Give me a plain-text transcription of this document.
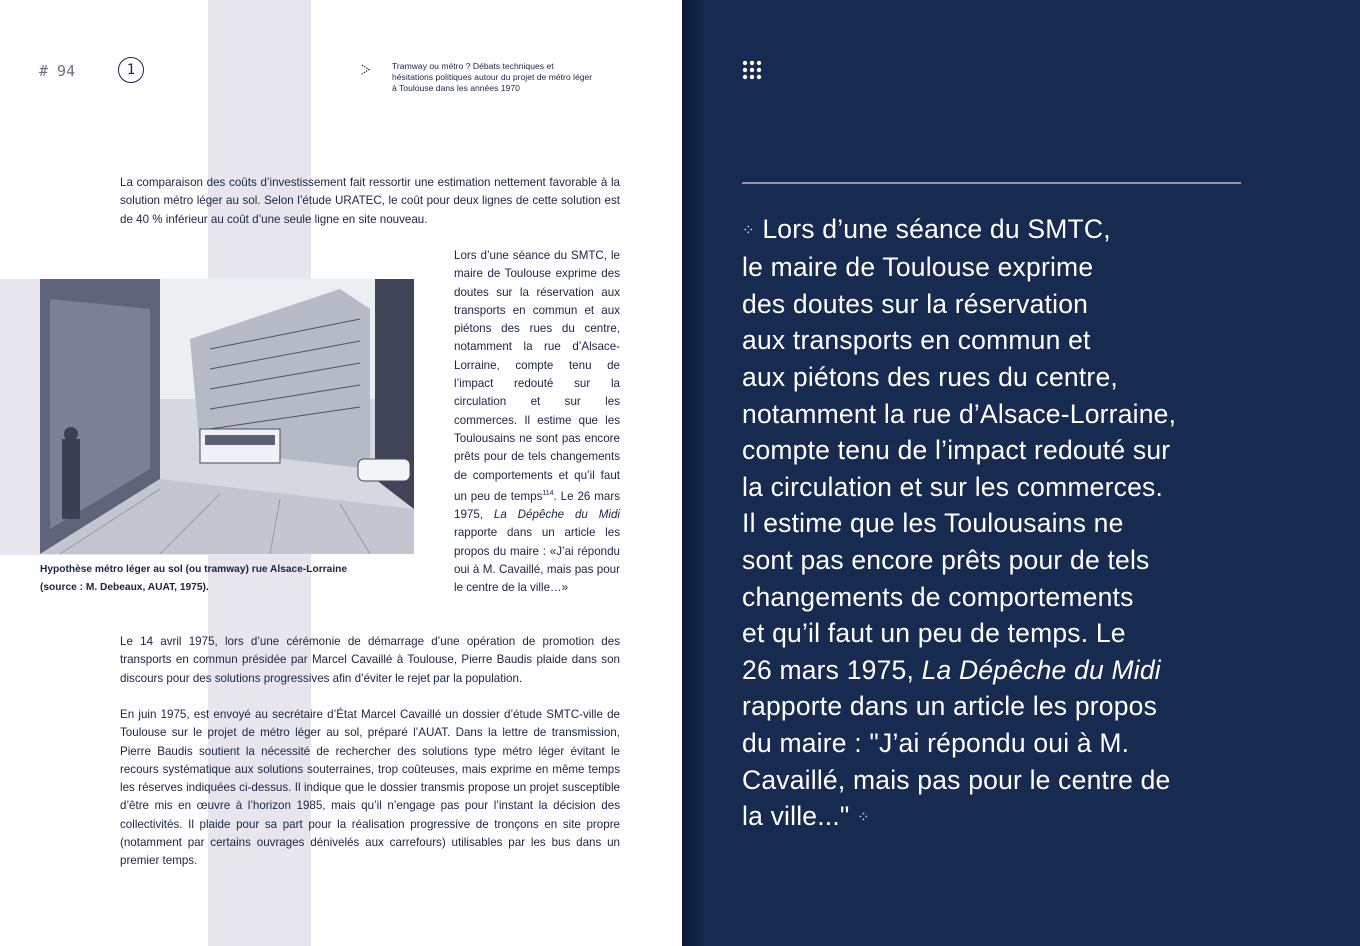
# 94	1	Tramway ou métro ? Débats techniques et hésitations politiques autour du projet de métro léger à Toulouse dans les années 1970

La comparaison des coûts d’investissement fait ressortir une estimation nettement favorable à la solution métro léger au sol. Selon l’étude URATEC, le coût pour deux lignes de cette solution est de 40 % inférieur au coût d’une seule ligne en site nouveau.

Hypothèse métro léger au sol (ou tramway) rue Alsace-Lorraine (source : M. Debeaux, AUAT, 1975).

Lors d’une séance du SMTC, le maire de Toulouse exprime des doutes sur la réservation aux transports en commun et aux piétons des rues du centre, notamment la rue d’Alsace-Lorraine, compte tenu de l’impact redouté sur la circulation et sur les commerces. Il estime que les Toulousains ne sont pas encore prêts pour de tels changements de comportements et qu’il faut un peu de temps$^{114}$. Le 26 mars 1975, La Dépêche du Midi rapporte dans un article les propos du maire : «J’ai répondu oui à M. Cavaillé, mais pas pour le centre de la ville…»

Le 14 avril 1975, lors d’une cérémonie de démarrage d’une opération de promotion des transports en commun présidée par Marcel Cavaillé à Toulouse, Pierre Baudis plaide dans son discours pour des solutions progressives afin d’éviter le rejet par la population.

En juin 1975, est envoyé au secrétaire d’État Marcel Cavaillé un dossier d’étude SMTC-ville de Toulouse sur le projet de métro léger au sol, préparé l’AUAT. Dans la lettre de transmission, Pierre Baudis soutient la nécessité de rechercher des solutions type métro léger évitant le recours systématique aux solutions souterraines, trop coûteuses, mais exprime en même temps les réserves indiquées ci-dessus. Il indique que le dossier transmis propose un projet susceptible d’être mis en œuvre à l’horizon 1985, mais qu’il n’engage pas pour l’instant la décision des collectivités. Il plaide pour sa part pour la réalisation progressive de tronçons en site propre (notamment par certains ouvrages dénivelés aux carrefours) utilisables par les bus dans un premier temps.

⁘ Lors d’une séance du SMTC,
le maire de Toulouse exprime
des doutes sur la réservation
aux transports en commun et
aux piétons des rues du centre,
notamment la rue d’Alsace-Lorraine,
compte tenu de l’impact redouté sur
la circulation et sur les commerces.
Il estime que les Toulousains ne
sont pas encore prêts pour de tels
changements de comportements
et qu’il faut un peu de temps. Le
26 mars 1975, La Dépêche du Midi
rapporte dans un article les propos
du maire : "J’ai répondu oui à M.
Cavaillé, mais pas pour le centre de
la ville..." ⁘
